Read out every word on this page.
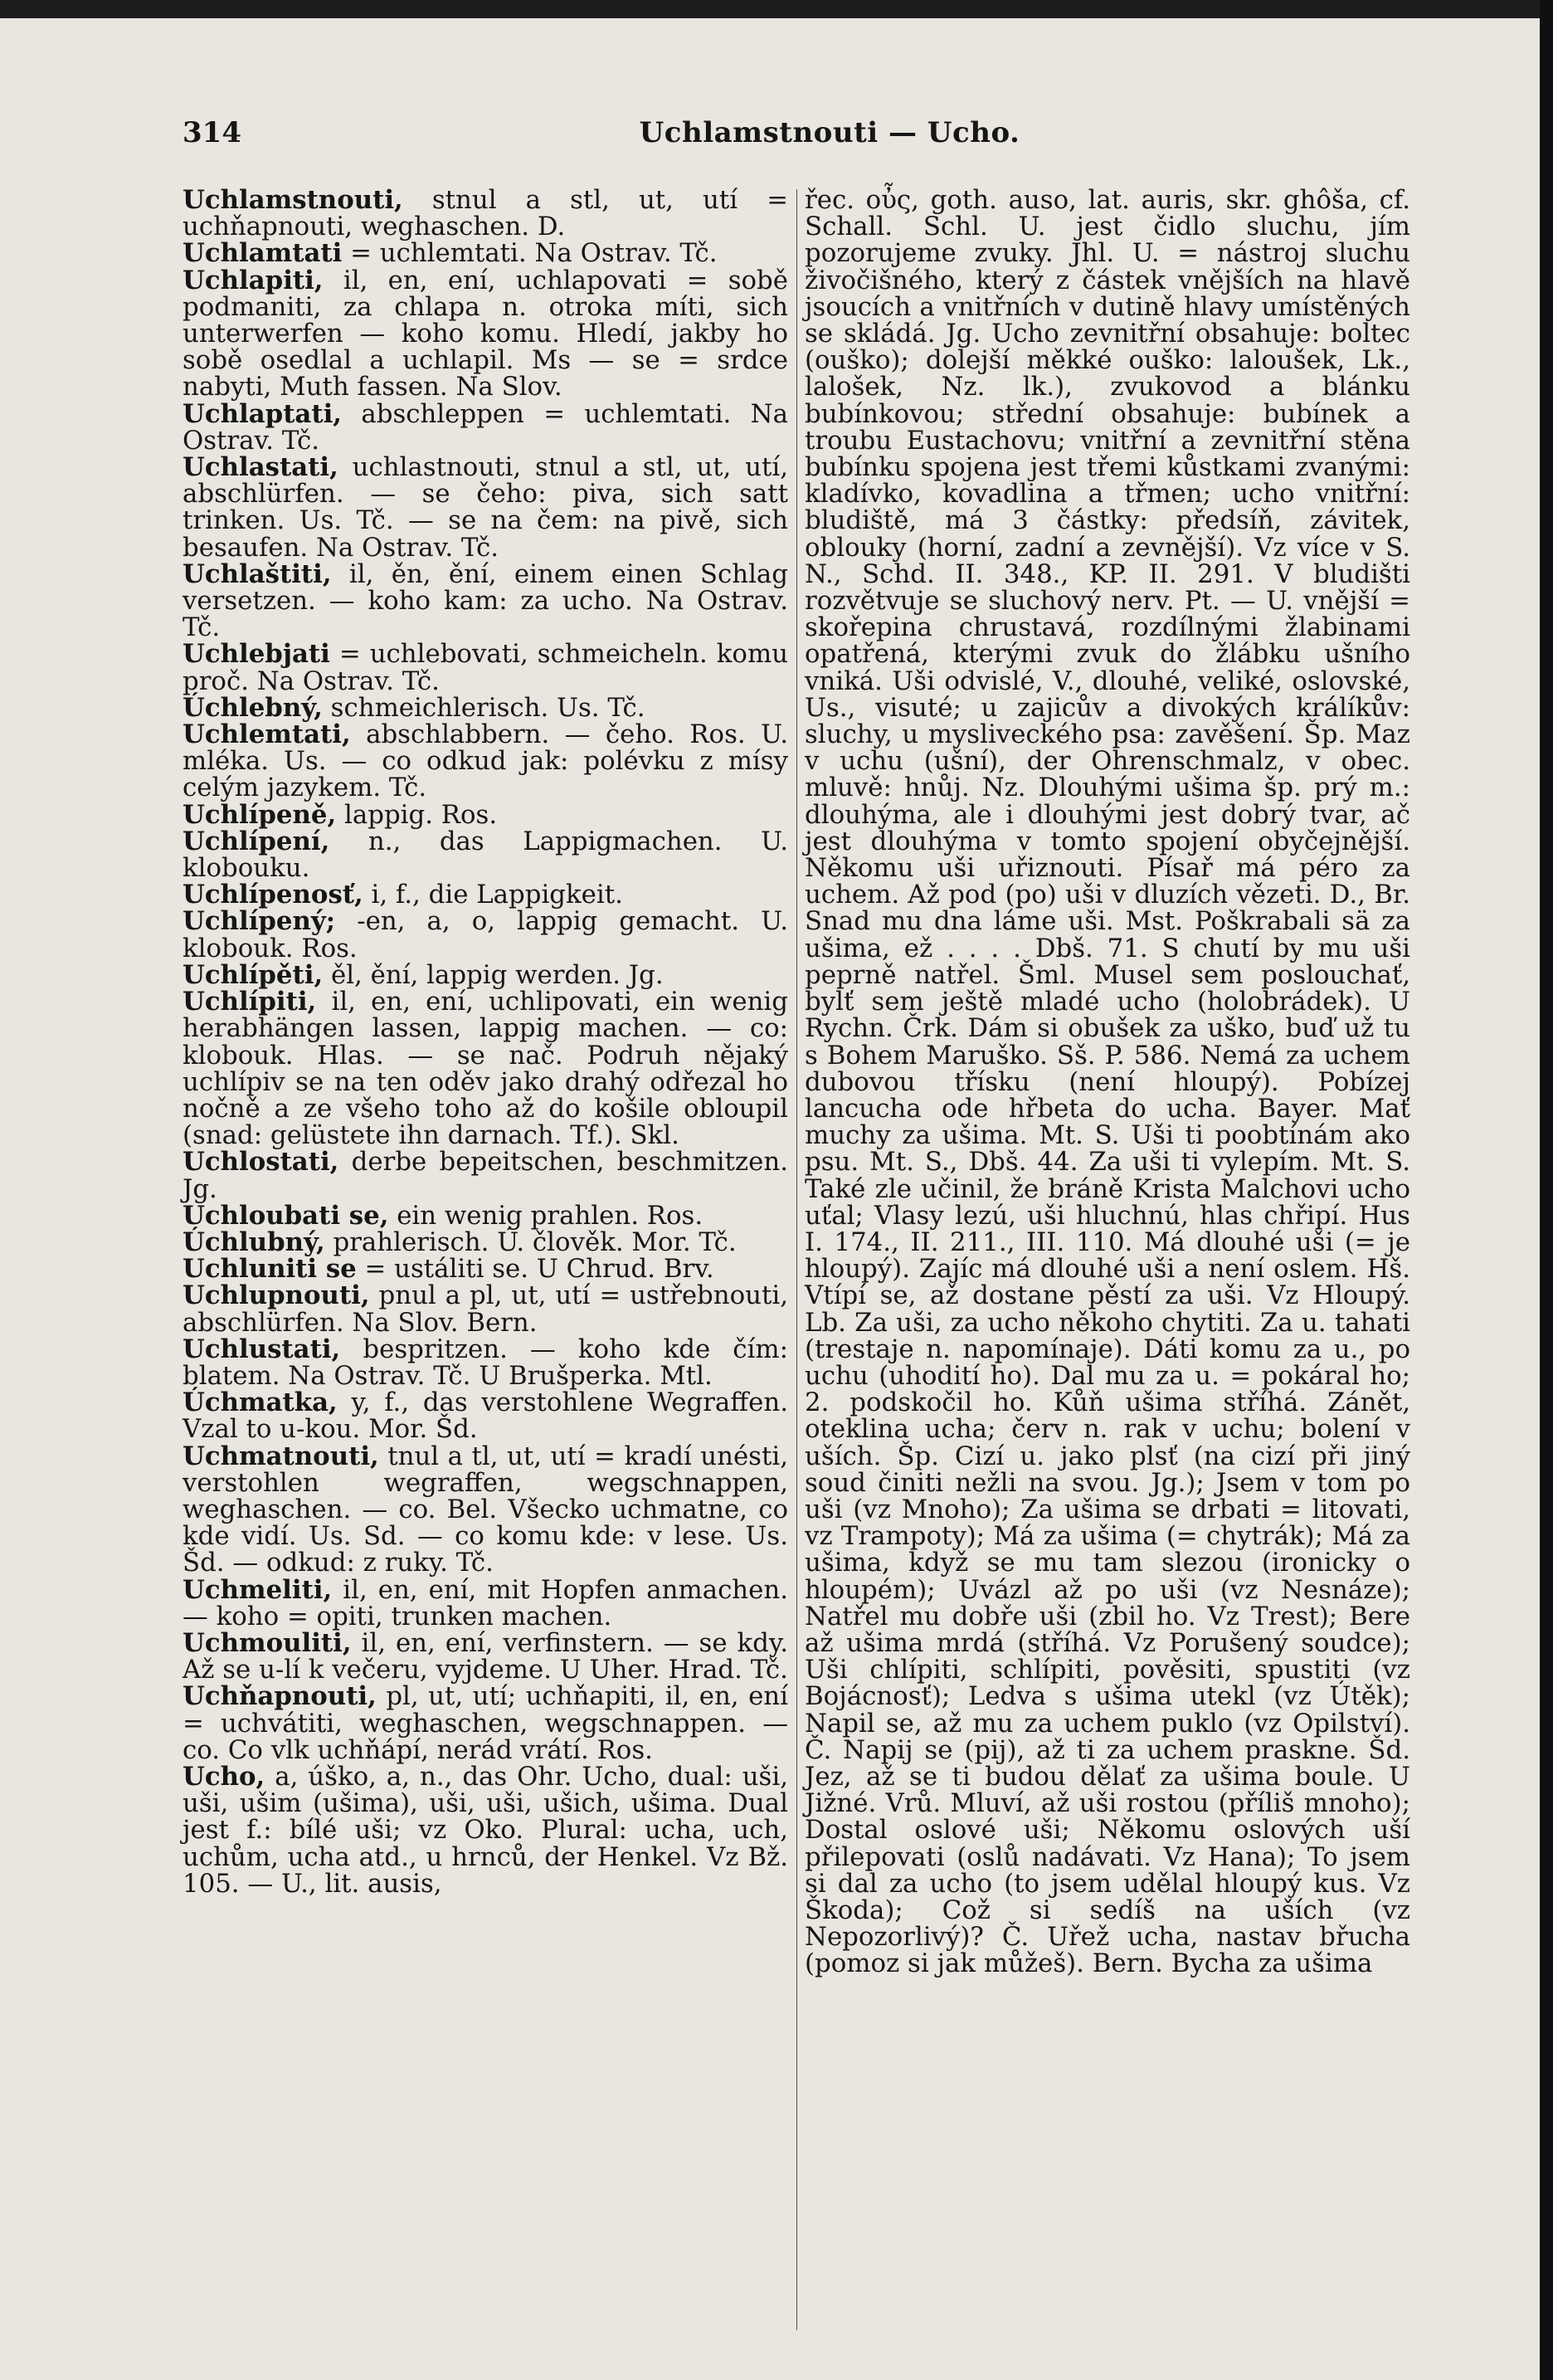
314	Uchlamstnouti — Ucho.

Uchlamstnouti, stnul a stl, ut, utí = uchňapnouti, weghaschen. D.

Uchlamtati = uchlemtati. Na Ostrav. Tč.

Uchlapiti, il, en, ení, uchlapovati = sobě podmaniti, za chlapa n. otroka míti, sich unterwerfen — koho komu. Hledí, jakby ho sobě osedlal a uchlapil. Ms — se = srdce nabyti, Muth fassen. Na Slov.

Uchlaptati, abschleppen = uchlemtati. Na Ostrav. Tč.

Uchlastati, uchlastnouti, stnul a stl, ut, utí, abschlürfen. — se čeho: piva, sich satt trinken. Us. Tč. — se na čem: na pivě, sich besaufen. Na Ostrav. Tč.

Uchlaštiti, il, ěn, ění, einem einen Schlag versetzen. — koho kam: za ucho. Na Ostrav. Tč.

Uchlebjati = uchlebovati, schmeicheln. komu proč. Na Ostrav. Tč.

Úchlebný, schmeichlerisch. Us. Tč.

Uchlemtati, abschlabbern. — čeho. Ros. U. mléka. Us. — co odkud jak: polévku z mísy celým jazykem. Tč.

Uchlípeně, lappig. Ros.

Uchlípení, n., das Lappigmachen. U. klobouku.

Uchlípenosť, i, f., die Lappigkeit.

Uchlípený; -en, a, o, lappig gemacht. U. klobouk. Ros.

Uchlípěti, ěl, ění, lappig werden. Jg.

Uchlípiti, il, en, ení, uchlipovati, ein wenig herabhängen lassen, lappig machen. — co: klobouk. Hlas. — se nač. Podruh nějaký uchlípiv se na ten oděv jako drahý odřezal ho nočně a ze všeho toho až do košile obloupil (snad: gelüstete ihn darnach. Tf.). Skl.

Uchlostati, derbe bepeitschen, beschmitzen. Jg.

Uchloubati se, ein wenig prahlen. Ros.

Úchlubný, prahlerisch. Ú. člověk. Mor. Tč.

Uchluniti se = ustáliti se. U Chrud. Brv.

Uchlupnouti, pnul a pl, ut, utí = ustřebnouti, abschlürfen. Na Slov. Bern.

Uchlustati, bespritzen. — koho kde čím: blatem. Na Ostrav. Tč. U Brušperka. Mtl.

Úchmatka, y, f., das verstohlene Wegraffen. Vzal to u-kou. Mor. Šd.

Uchmatnouti, tnul a tl, ut, utí = kradí unésti, verstohlen wegraffen, wegschnappen, weghaschen. — co. Bel. Všecko uchmatne, co kde vidí. Us. Sd. — co komu kde: v lese. Us. Šd. — odkud: z ruky. Tč.

Uchmeliti, il, en, ení, mit Hopfen anmachen. — koho = opiti, trunken machen.

Uchmouliti, il, en, ení, verfinstern. — se kdy. Až se u-lí k večeru, vyjdeme. U Uher. Hrad. Tč.

Uchňapnouti, pl, ut, utí; uchňapiti, il, en, ení = uchvátiti, weghaschen, wegschnappen. — co. Co vlk uchňápí, nerád vrátí. Ros.

Ucho, a, úško, a, n., das Ohr. Ucho, dual: uši, uši, ušim (ušima), uši, uši, ušich, ušima. Dual jest f.: bílé uši; vz Oko. Plural: ucha, uch, uchům, ucha atd., u hrnců, der Henkel. Vz Bž. 105. — U., lit. ausis,

řec. οὖς, goth. auso, lat. auris, skr. ghôša, cf. Schall. Schl. U. jest čidlo sluchu, jím pozorujeme zvuky. Jhl. U. = nástroj sluchu živočišného, který z částek vnějších na hlavě jsoucích a vnitřních v dutině hlavy umístěných se skládá. Jg. Ucho zevnitřní obsahuje: boltec (ouško); dolejší měkké ouško: laloušek, Lk., lalošek, Nz. lk.), zvukovod a blánku bubínkovou; střední obsahuje: bubínek a troubu Eustachovu; vnitřní a zevnitřní stěna bubínku spojena jest třemi kůstkami zvanými: kladívko, kovadlina a třmen; ucho vnitřní: bludiště, má 3 částky: předsíň, závitek, oblouky (horní, zadní a zevnější). Vz více v S. N., Schd. II. 348., KP. II. 291. V bludišti rozvětvuje se sluchový nerv. Pt. — U. vnější = skořepina chrustavá, rozdílnými žlabinami opatřená, kterými zvuk do žlábku ušního vniká. Uši odvislé, V., dlouhé, veliké, oslovské, Us., visuté; u zajicův a divokých králíkův: sluchy, u mysliveckého psa: zavěšení. Šp. Maz v uchu (ušní), der Ohrenschmalz, v obec. mluvě: hnůj. Nz. Dlouhými ušima šp. prý m.: dlouhýma, ale i dlouhými jest dobrý tvar, ač jest dlouhýma v tomto spojení obyčejnější. Někomu uši uřiznouti. Písař má péro za uchem. Až pod (po) uši v dluzích vězeti. D., Br. Snad mu dna láme uši. Mst. Poškrabali sä za ušima, ež . . . . Dbš. 71. S chutí by mu uši peprně natřel. Šml. Musel sem poslouchať, bylť sem ještě mladé ucho (holobrádek). U Rychn. Črk. Dám si obušek za uško, buď už tu s Bohem Maruško. Sš. P. 586. Nemá za uchem dubovou třísku (není hloupý). Pobízej lancucha ode hřbeta do ucha. Bayer. Mať muchy za ušima. Mt. S. Uši ti poobtínám ako psu. Mt. S., Dbš. 44. Za uši ti vylepím. Mt. S. Také zle učinil, že bráně Krista Malchovi ucho uťal; Vlasy lezú, uši hluchnú, hlas chřipí. Hus I. 174., II. 211., III. 110. Má dlouhé uši (= je hloupý). Zajíc má dlouhé uši a není oslem. Hš. Vtípí se, až dostane pěstí za uši. Vz Hloupý. Lb. Za uši, za ucho někoho chytiti. Za u. tahati (trestaje n. napomínaje). Dáti komu za u., po uchu (uhodití ho). Dal mu za u. = pokáral ho; 2. podskočil ho. Kůň ušima stříhá. Zánět, oteklina ucha; červ n. rak v uchu; bolení v uších. Šp. Cizí u. jako plsť (na cizí při jiný soud činiti nežli na svou. Jg.); Jsem v tom po uši (vz Mnoho); Za ušima se drbati = litovati, vz Trampoty); Má za ušima (= chytrák); Má za ušima, když se mu tam slezou (ironicky o hloupém); Uvázl až po uši (vz Nesnáze); Natřel mu dobře uši (zbil ho. Vz Trest); Bere až ušima mrdá (stříhá. Vz Porušený soudce); Uši chlípiti, schlípiti, pověsiti, spustiti (vz Bojácnosť); Ledva s ušima utekl (vz Útěk); Napil se, až mu za uchem puklo (vz Opilství). Č. Napij se (pij), až ti za uchem praskne. Šd. Jez, až se ti budou dělať za ušima boule. U Jižné. Vrů. Mluví, až uši rostou (příliš mnoho); Dostal oslové uši; Někomu oslových uší přilepovati (oslů nadávati. Vz Hana); To jsem si dal za ucho (to jsem udělal hloupý kus. Vz Škoda); Což si sedíš na uších (vz Nepozorlivý)? Č. Uřež ucha, nastav břucha (pomoz si jak můžeš). Bern. Bycha za ušima
